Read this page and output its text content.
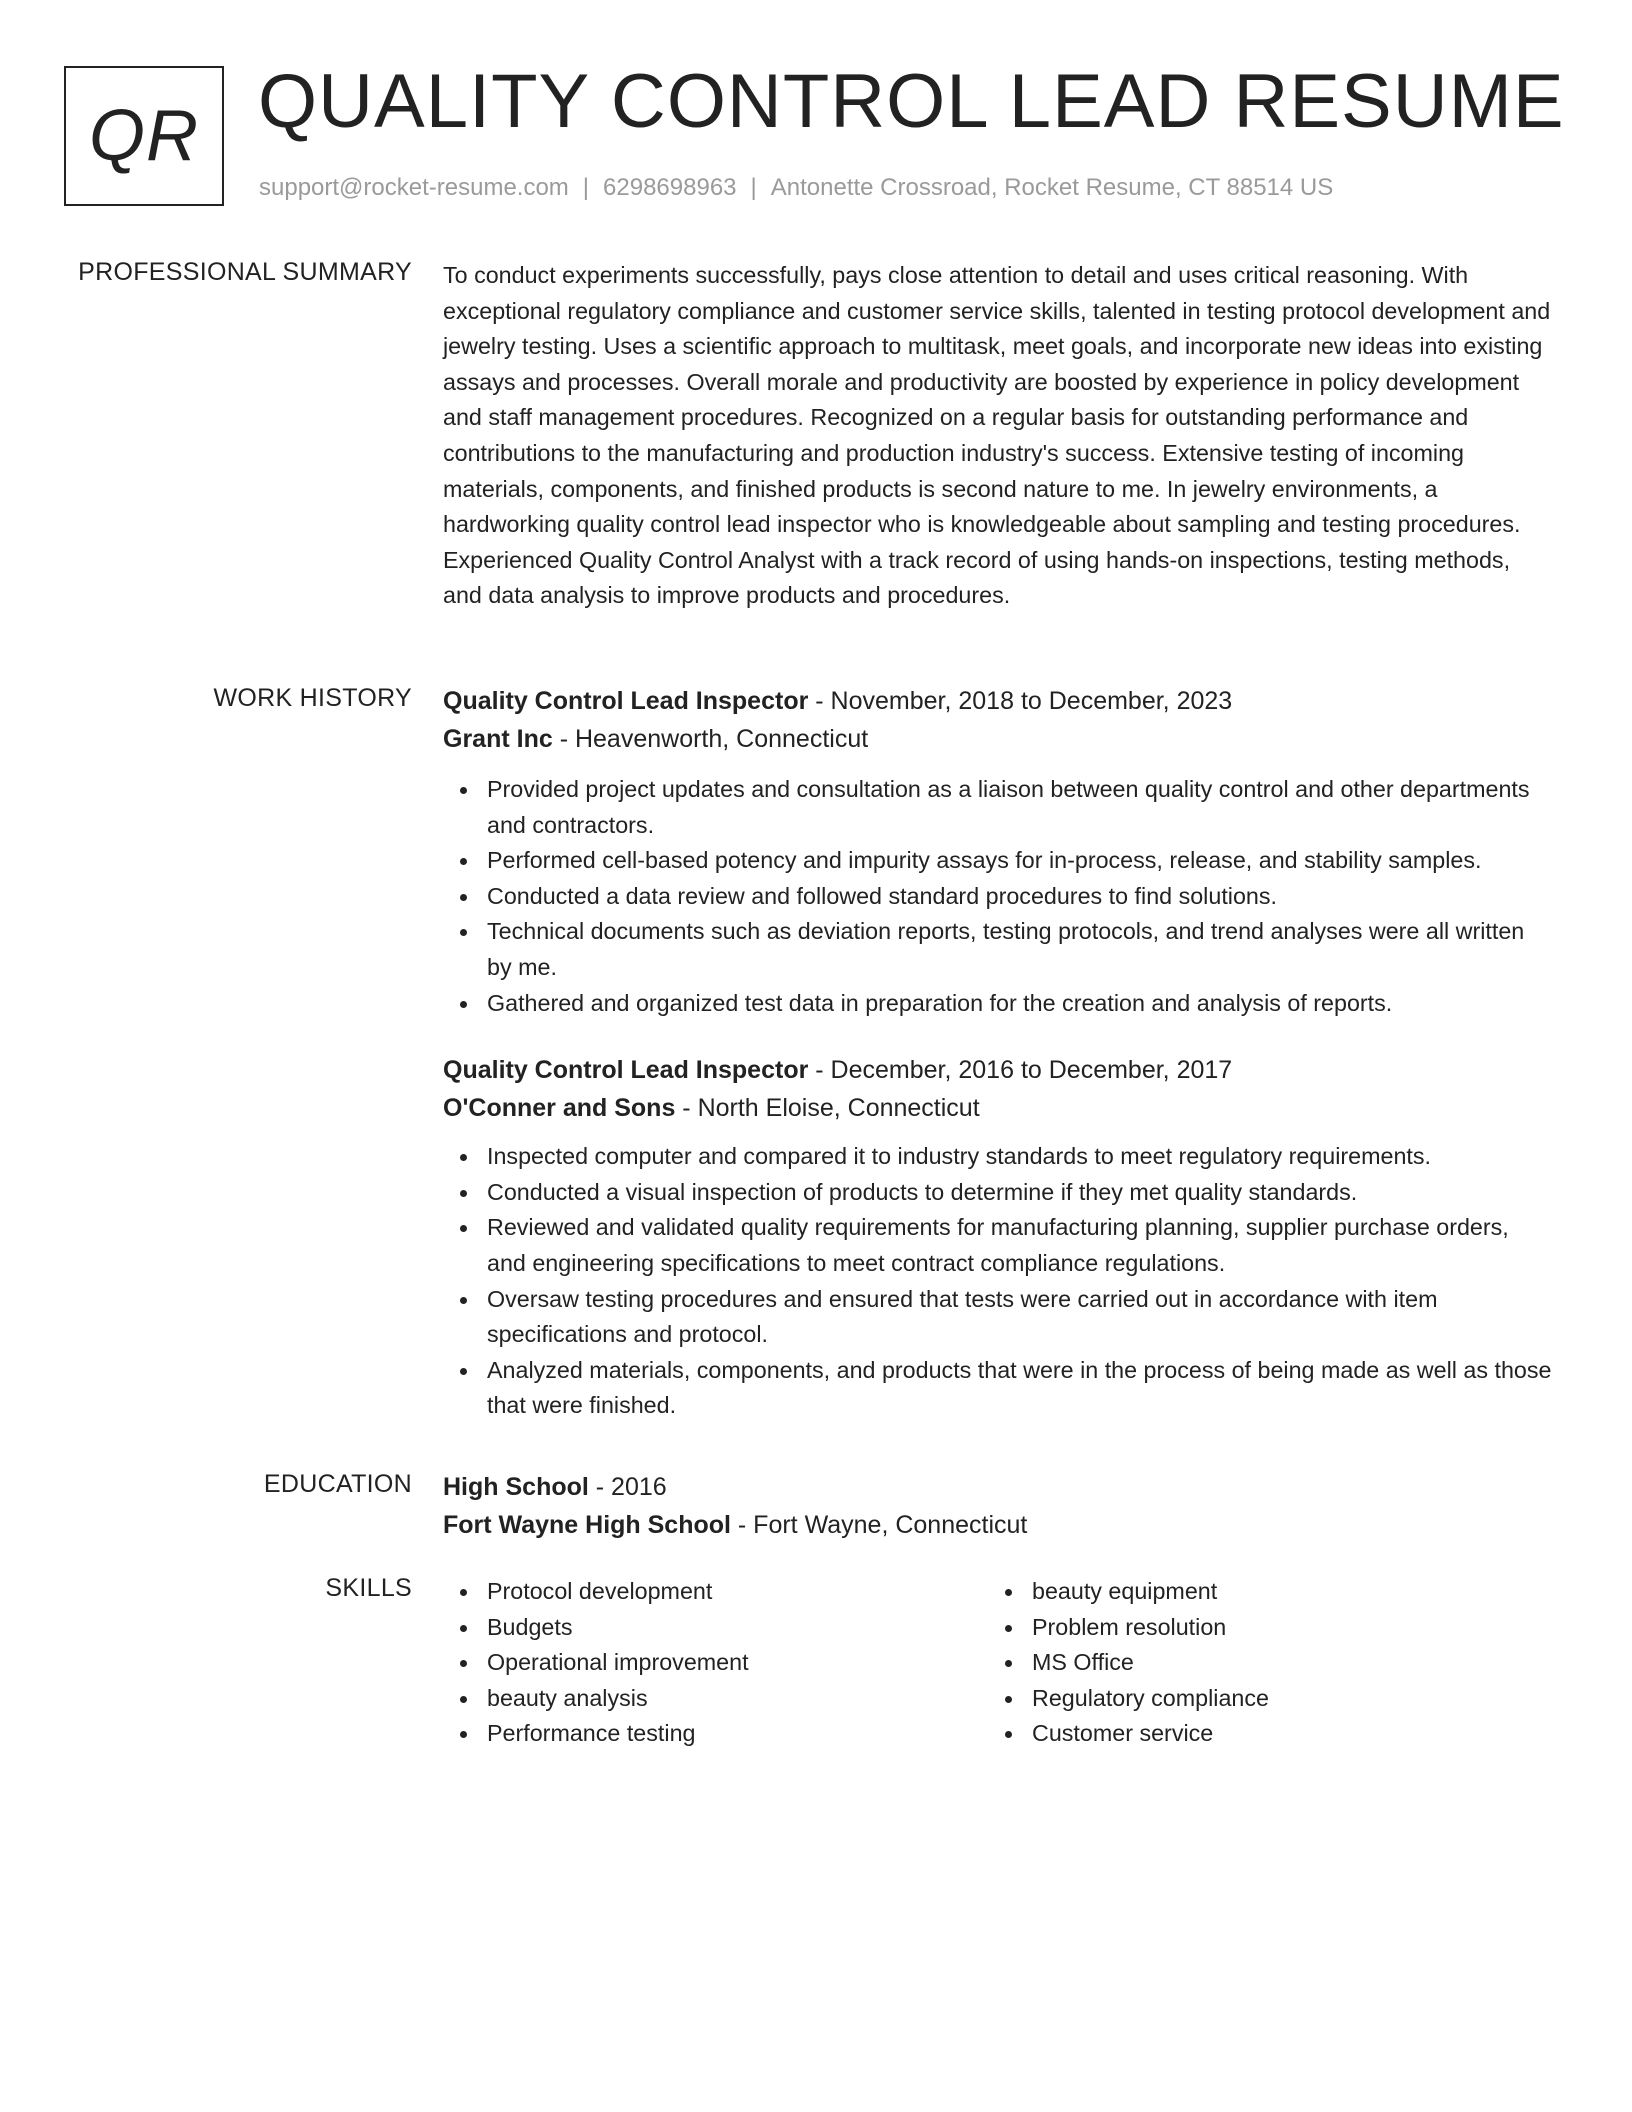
QR QUALITY CONTROL LEAD RESUME
support@rocket-resume.com | 6298698963 | Antonette Crossroad, Rocket Resume, CT 88514 US
PROFESSIONAL SUMMARY To conduct experiments successfully, pays close attention to detail and uses critical reasoning. With exceptional regulatory compliance and customer service skills, talented in testing protocol development and jewelry testing. Uses a scientific approach to multitask, meet goals, and incorporate new ideas into existing assays and processes. Overall morale and productivity are boosted by experience in policy development and staff management procedures. Recognized on a regular basis for outstanding performance and contributions to the manufacturing and production industry's success. Extensive testing of incoming materials, components, and finished products is second nature to me. In jewelry environments, a hardworking quality control lead inspector who is knowledgeable about sampling and testing procedures. Experienced Quality Control Analyst with a track record of using hands-on inspections, testing methods, and data analysis to improve products and procedures.

WORK HISTORY Quality Control Lead Inspector - November, 2018 to December, 2023
Grant Inc - Heavenworth, Connecticut
Provided project updates and consultation as a liaison between quality control and other departments and contractors.
Performed cell-based potency and impurity assays for in-process, release, and stability samples.
Conducted a data review and followed standard procedures to find solutions.
Technical documents such as deviation reports, testing protocols, and trend analyses were all written by me.
Gathered and organized test data in preparation for the creation and analysis of reports.
Quality Control Lead Inspector - December, 2016 to December, 2017
O'Conner and Sons - North Eloise, Connecticut
Inspected computer and compared it to industry standards to meet regulatory requirements.
Conducted a visual inspection of products to determine if they met quality standards.
Reviewed and validated quality requirements for manufacturing planning, supplier purchase orders, and engineering specifications to meet contract compliance regulations.
Oversaw testing procedures and ensured that tests were carried out in accordance with item specifications and protocol.
Analyzed materials, components, and products that were in the process of being made as well as those that were finished.
EDUCATION High School - 2016
Fort Wayne High School - Fort Wayne, Connecticut
SKILLS	Protocol development
Budgets
Operational improvement
beauty analysis
Performance testing
beauty equipment
Problem resolution
MS Office
Regulatory compliance
Customer service
